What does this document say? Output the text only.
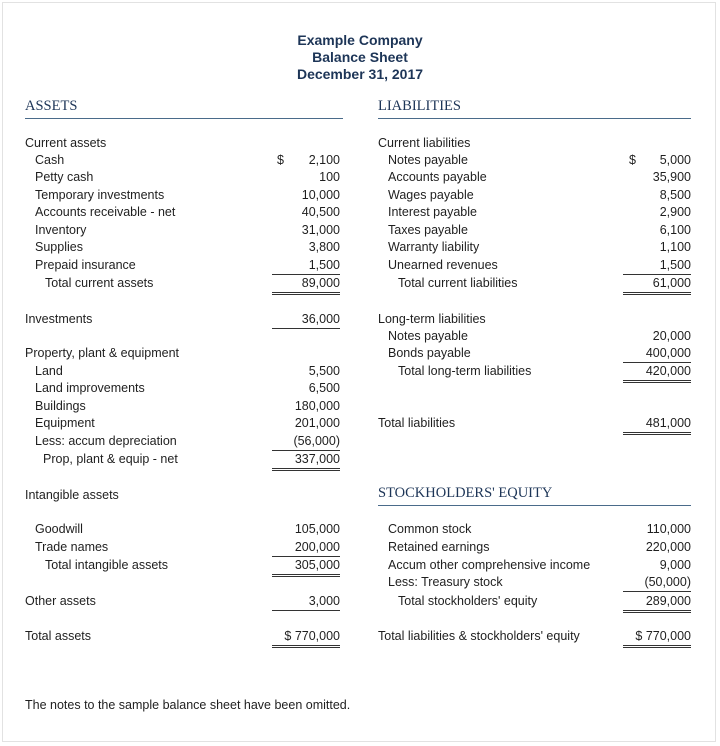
Example Company
Balance Sheet
December 31, 2017
ASSETS	LIABILITIES
Current assets
Cash	$	2,100
Petty cash	100
Temporary investments	10,000
Accounts receivable - net	40,500
Inventory	31,000
Supplies	3,800
Prepaid insurance	1,500
Total current assets	89,000
Investments	36,000
Property, plant & equipment
Land	5,500
Land improvements	6,500
Buildings	180,000
Equipment	201,000
Less: accum depreciation	(56,000)
Prop, plant & equip - net	337,000
Intangible assets
Goodwill	105,000
Trade names	200,000
Total intangible assets	305,000
Other assets	3,000
Total assets	$ 770,000
Current liabilities
Notes payable	$	5,000
Accounts payable	35,900
Wages payable	8,500
Interest payable	2,900
Taxes payable	6,100
Warranty liability	1,100
Unearned revenues	1,500
Total current liabilities	61,000
Long-term liabilities
Notes payable	20,000
Bonds payable	400,000
Total long-term liabilities	420,000
Total liabilities	481,000
STOCKHOLDERS' EQUITY
Common stock	110,000
Retained earnings	220,000
Accum other comprehensive income	9,000
Less: Treasury stock	(50,000)
Total stockholders' equity	289,000
Total liabilities & stockholders' equity	$ 770,000
The notes to the sample balance sheet have been omitted.
